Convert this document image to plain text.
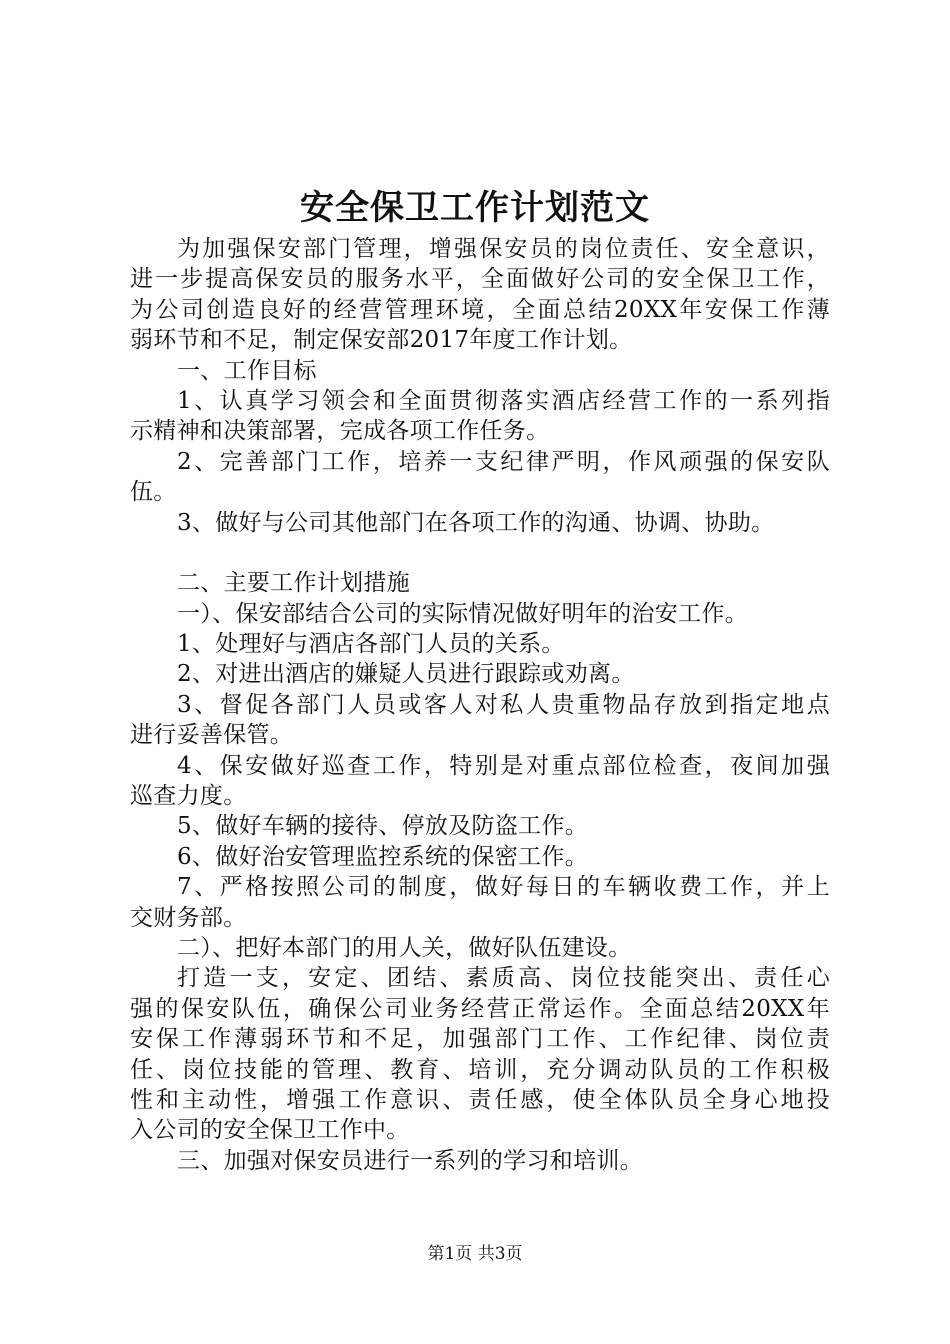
安全保卫工作计划范文
为加强保安部门管理，增强保安员的岗位责任、安全意识，
进一步提高保安员的服务水平，全面做好公司的安全保卫工作，
为公司创造良好的经营管理环境，全面总结20XX年安保工作薄
弱环节和不足，制定保安部2017年度工作计划。
一、工作目标
1、认真学习领会和全面贯彻落实酒店经营工作的一系列指
示精神和决策部署，完成各项工作任务。
2、完善部门工作，培养一支纪律严明，作风顽强的保安队
伍。
3、做好与公司其他部门在各项工作的沟通、协调、协助。
二、主要工作计划措施
一）、保安部结合公司的实际情况做好明年的治安工作。
1、处理好与酒店各部门人员的关系。
2、对进出酒店的嫌疑人员进行跟踪或劝离。
3、督促各部门人员或客人对私人贵重物品存放到指定地点
进行妥善保管。
4、保安做好巡查工作，特别是对重点部位检查，夜间加强
巡查力度。
5、做好车辆的接待、停放及防盗工作。
6、做好治安管理监控系统的保密工作。
7、严格按照公司的制度，做好每日的车辆收费工作，并上
交财务部。
二）、把好本部门的用人关，做好队伍建设。
打造一支，安定、团结、素质高、岗位技能突出、责任心
强的保安队伍，确保公司业务经营正常运作。全面总结20XX年
安保工作薄弱环节和不足，加强部门工作、工作纪律、岗位责
任、岗位技能的管理、教育、培训，充分调动队员的工作积极
性和主动性，增强工作意识、责任感，使全体队员全身心地投
入公司的安全保卫工作中。
三、加强对保安员进行一系列的学习和培训。
第1页 共3页
